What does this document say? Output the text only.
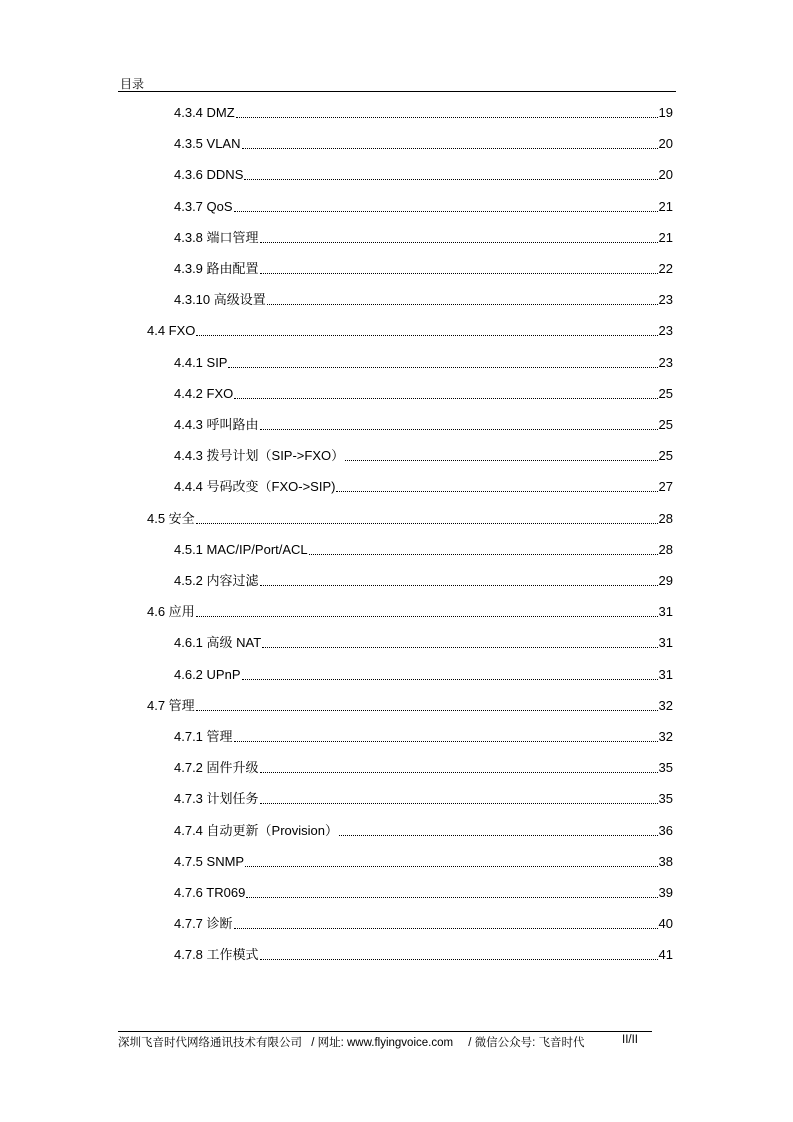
目录
4.3.4 DMZ	19
4.3.5 VLAN	20
4.3.6 DDNS	20
4.3.7 QoS	21
4.3.8 端口管理	21
4.3.9 路由配置	22
4.3.10 高级设置	23
4.4 FXO	23
4.4.1 SIP	23
4.4.2 FXO	25
4.4.3 呼叫路由	25
4.4.3 拨号计划（SIP->FXO）	25
4.4.4 号码改变（FXO->SIP)	27
4.5 安全	28
4.5.1 MAC/IP/Port/ACL	28
4.5.2 内容过滤	29
4.6 应用	31
4.6.1 高级 NAT	31
4.6.2 UPnP	31
4.7 管理	32
4.7.1 管理	32
4.7.2 固件升级	35
4.7.3 计划任务	35
4.7.4 自动更新（Provision）	36
4.7.5 SNMP	38
4.7.6 TR069	39
4.7.7 诊断	40
4.7.8 工作模式	41
深圳飞音时代网络通讯技术有限公司 / 网址: www.flyingvoice.com / 微信公众号: 飞音时代	II/II
